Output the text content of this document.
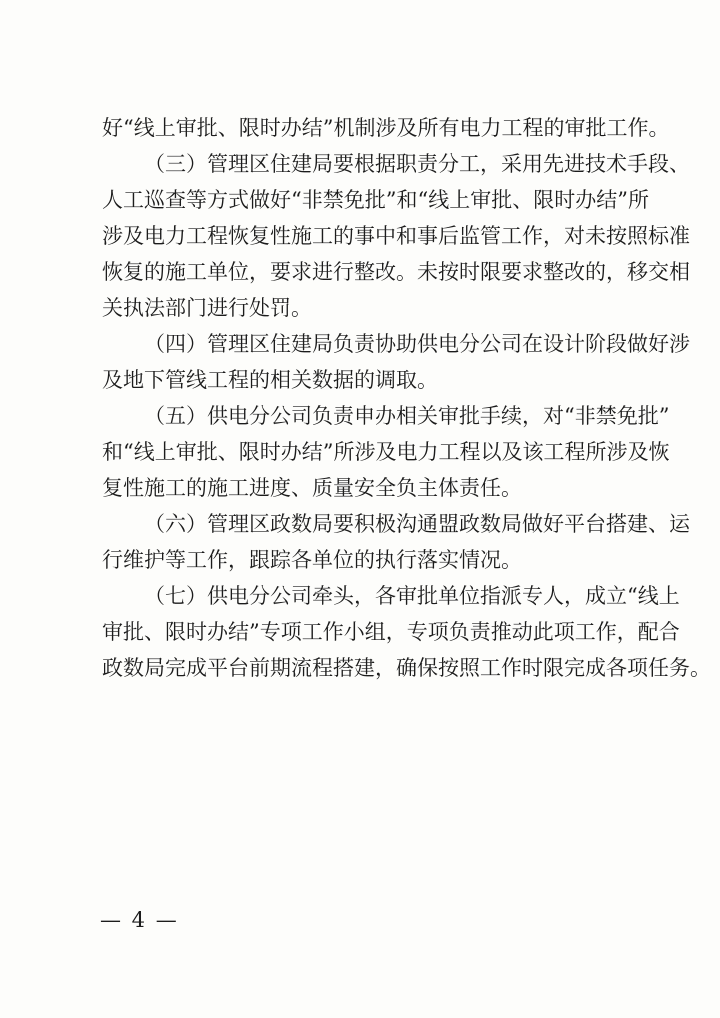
好“线上审批、限时办结”机制涉及所有电力工程的审批工作。
（三）管理区住建局要根据职责分工，采用先进技术手段、
人工巡查等方式做好“非禁免批”和“线上审批、限时办结”所
涉及电力工程恢复性施工的事中和事后监管工作，对未按照标准
恢复的施工单位，要求进行整改。未按时限要求整改的，移交相
关执法部门进行处罚。
（四）管理区住建局负责协助供电分公司在设计阶段做好涉
及地下管线工程的相关数据的调取。
（五）供电分公司负责申办相关审批手续，对“非禁免批”
和“线上审批、限时办结”所涉及电力工程以及该工程所涉及恢
复性施工的施工进度、质量安全负主体责任。
（六）管理区政数局要积极沟通盟政数局做好平台搭建、运
行维护等工作，跟踪各单位的执行落实情况。
（七）供电分公司牵头，各审批单位指派专人，成立“线上
审批、限时办结”专项工作小组，专项负责推动此项工作，配合
政数局完成平台前期流程搭建，确保按照工作时限完成各项任务。
— 4 —
